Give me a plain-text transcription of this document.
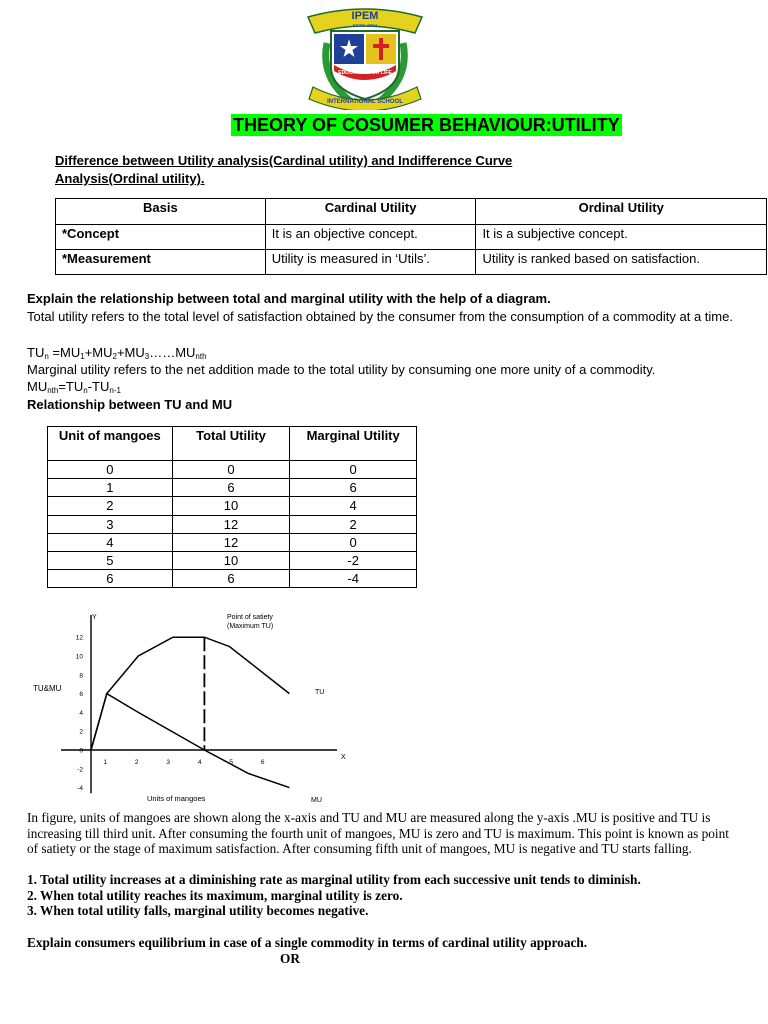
IPEM
ESTD. 2004
EDUCATING FOR LIFE
INTERNATIONAL SCHOOL
THEORY OF COSUMER BEHAVIOUR:UTILITY
Difference between Utility analysis(Cardinal utility) and Indifference Curve
Analysis(Ordinal utility).
Basis	Cardinal Utility	Ordinal Utility
*Concept	It is an objective concept.	It is a subjective concept.
*Measurement	Utility is measured in ‘Utils’.	Utility is ranked based on satisfaction.
Explain the relationship between total and marginal utility with the help of a diagram.
Total utility refers to the total level of satisfaction obtained by the consumer from the consumption of a commodity at a time.
$TU_n$ $=MU_1+MU_2+MU_3\dots\dots MU_{nth}$
Marginal utility refers to the net addition made to the total utility by consuming one more unity of a commodity.
$MU_{nth}=TU_n-TU_{n-1}$
Relationship between TU and MU
Unit of mangoes	Total Utility	Marginal Utility
0	0	0
1	6	6
2	10	4
3	12	2
4	12	0
5	10	-2
6	6	-4
12
10
8
6
4
2
0
-2
-4
1	2	3	4	5	6
Y
X
TU&MU
Units of mangoes
Point of satiety
(Maximum TU)
TU
MU
In figure, units of mangoes are shown along the x-axis and TU and MU are measured along the y-axis .MU is positive and TU is increasing till third unit. After consuming the fourth unit of mangoes, MU is zero and TU is maximum. This point is known as point of satiety or the stage of maximum satisfaction. After consuming fifth unit of mangoes, MU is negative and TU starts falling.
1. Total utility increases at a diminishing rate as marginal utility from each successive unit tends to diminish.
2. When total utility reaches its maximum, marginal utility is zero.
3. When total utility falls, marginal utility becomes negative.
Explain consumers equilibrium in case of a single commodity in terms of cardinal utility approach.
OR
